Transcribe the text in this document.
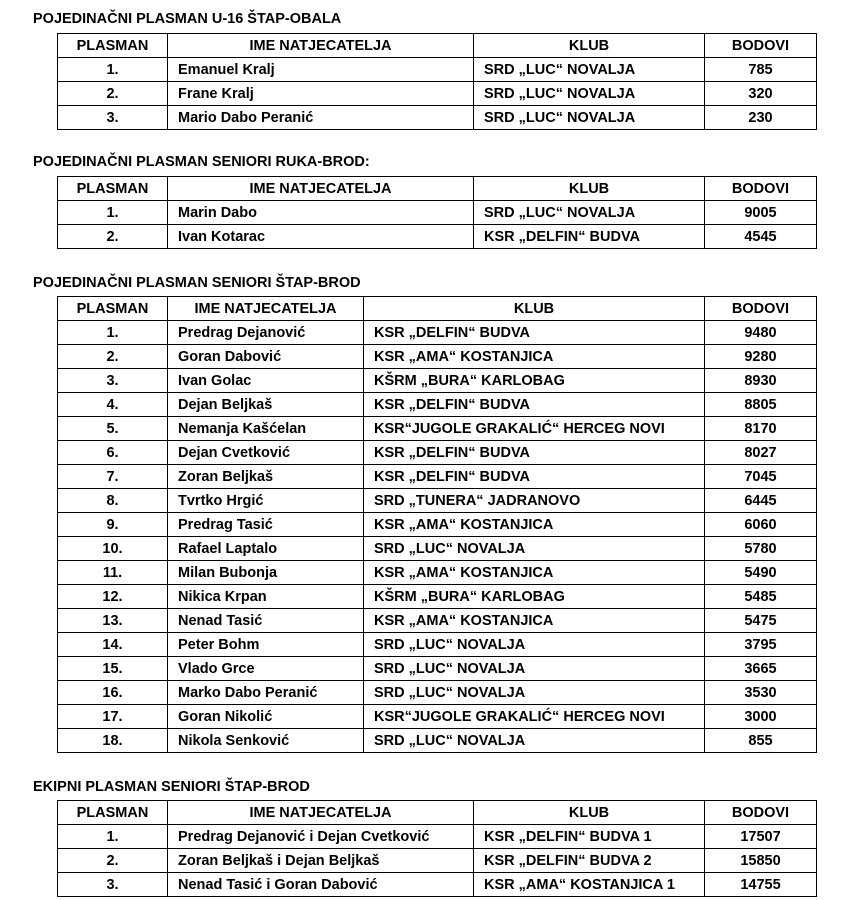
POJEDINAČNI PLASMAN U-16 ŠTAP-OBALA
PLASMAN	IME NATJECATELJA	KLUB	BODOVI
1.	Emanuel Kralj	SRD „LUC“ NOVALJA	785
2.	Frane Kralj	SRD „LUC“ NOVALJA	320
3.	Mario Dabo Peranić	SRD „LUC“ NOVALJA	230
POJEDINAČNI PLASMAN SENIORI RUKA-BROD:
PLASMAN	IME NATJECATELJA	KLUB	BODOVI
1.	Marin Dabo	SRD „LUC“ NOVALJA	9005
2.	Ivan Kotarac	KSR „DELFIN“ BUDVA	4545
POJEDINAČNI PLASMAN SENIORI ŠTAP-BROD
PLASMAN	IME NATJECATELJA	KLUB	BODOVI
1.	Predrag Dejanović	KSR „DELFIN“ BUDVA	9480
2.	Goran Dabović	KSR „AMA“ KOSTANJICA	9280
3.	Ivan Golac	KŠRM „BURA“ KARLOBAG	8930
4.	Dejan Beljkaš	KSR „DELFIN“ BUDVA	8805
5.	Nemanja Kašćelan	KSR“JUGOLE GRAKALIĆ“ HERCEG NOVI	8170
6.	Dejan Cvetković	KSR „DELFIN“ BUDVA	8027
7.	Zoran Beljkaš	KSR „DELFIN“ BUDVA	7045
8.	Tvrtko Hrgić	SRD „TUNERA“ JADRANOVO	6445
9.	Predrag Tasić	KSR „AMA“ KOSTANJICA	6060
10.	Rafael Laptalo	SRD „LUC“ NOVALJA	5780
11.	Milan Bubonja	KSR „AMA“ KOSTANJICA	5490
12.	Nikica Krpan	KŠRM „BURA“ KARLOBAG	5485
13.	Nenad Tasić	KSR „AMA“ KOSTANJICA	5475
14.	Peter Bohm	SRD „LUC“ NOVALJA	3795
15.	Vlado Grce	SRD „LUC“ NOVALJA	3665
16.	Marko Dabo Peranić	SRD „LUC“ NOVALJA	3530
17.	Goran Nikolić	KSR“JUGOLE GRAKALIĆ“ HERCEG NOVI	3000
18.	Nikola Senković	SRD „LUC“ NOVALJA	855
EKIPNI PLASMAN SENIORI ŠTAP-BROD
PLASMAN	IME NATJECATELJA	KLUB	BODOVI
1.	Predrag Dejanović i Dejan Cvetković	KSR „DELFIN“ BUDVA 1	17507
2.	Zoran Beljkaš i Dejan Beljkaš	KSR „DELFIN“ BUDVA 2	15850
3.	Nenad Tasić i Goran Dabović	KSR „AMA“ KOSTANJICA 1	14755
